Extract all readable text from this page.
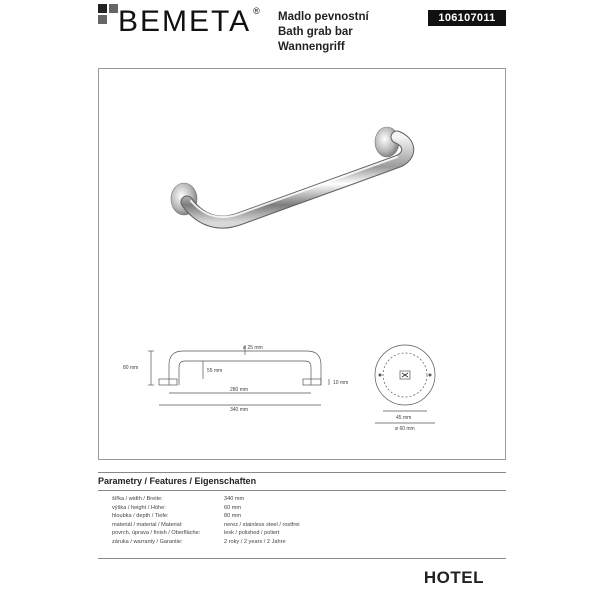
BEMETA ® Madlo pevnostní
Bath grab bar
Wannengriff
106107011
ø 25 mm
80 mm	55 mm
280 mm
340 mm
10 mm
45 mm
ø 60 mm
Parametry / Features / Eigenschaften
šířka / width / Breite:	340 mm
výška / height / Höhe:	60 mm
hloubka / depth / Tiefe:	80 mm
materiál / material / Material:	nerez / stainless steel / rostfrei
povrch, úprava / finish / Oberfläche:	lesk / polished / poliert
záruka / warranty / Garantie:	2 roky / 2 years / 2 Jahre
HOTEL
